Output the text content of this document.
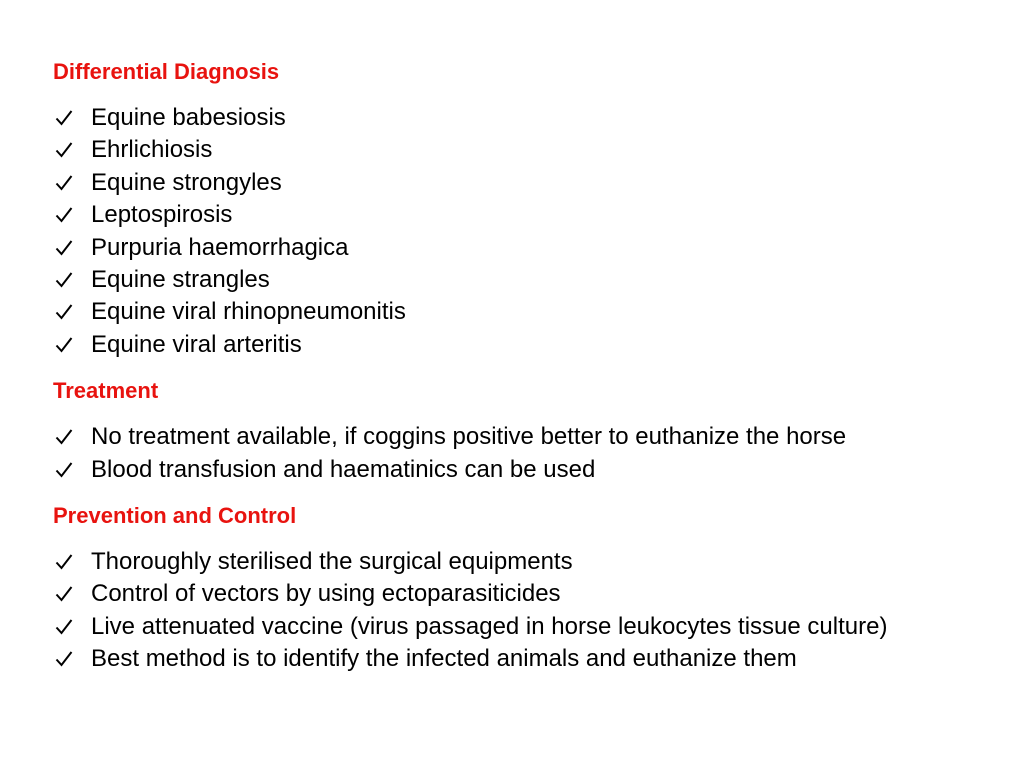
Differential Diagnosis
Equine babesiosis
Ehrlichiosis
Equine strongyles
Leptospirosis
Purpuria haemorrhagica
Equine strangles
Equine viral rhinopneumonitis
Equine viral arteritis
Treatment
No treatment available, if coggins positive better to euthanize the horse
Blood transfusion and haematinics can be used
Prevention and Control
Thoroughly sterilised the surgical equipments
Control of vectors by using ectoparasiticides
Live attenuated vaccine (virus passaged in horse leukocytes tissue culture)
Best method is to identify the infected animals and euthanize them
